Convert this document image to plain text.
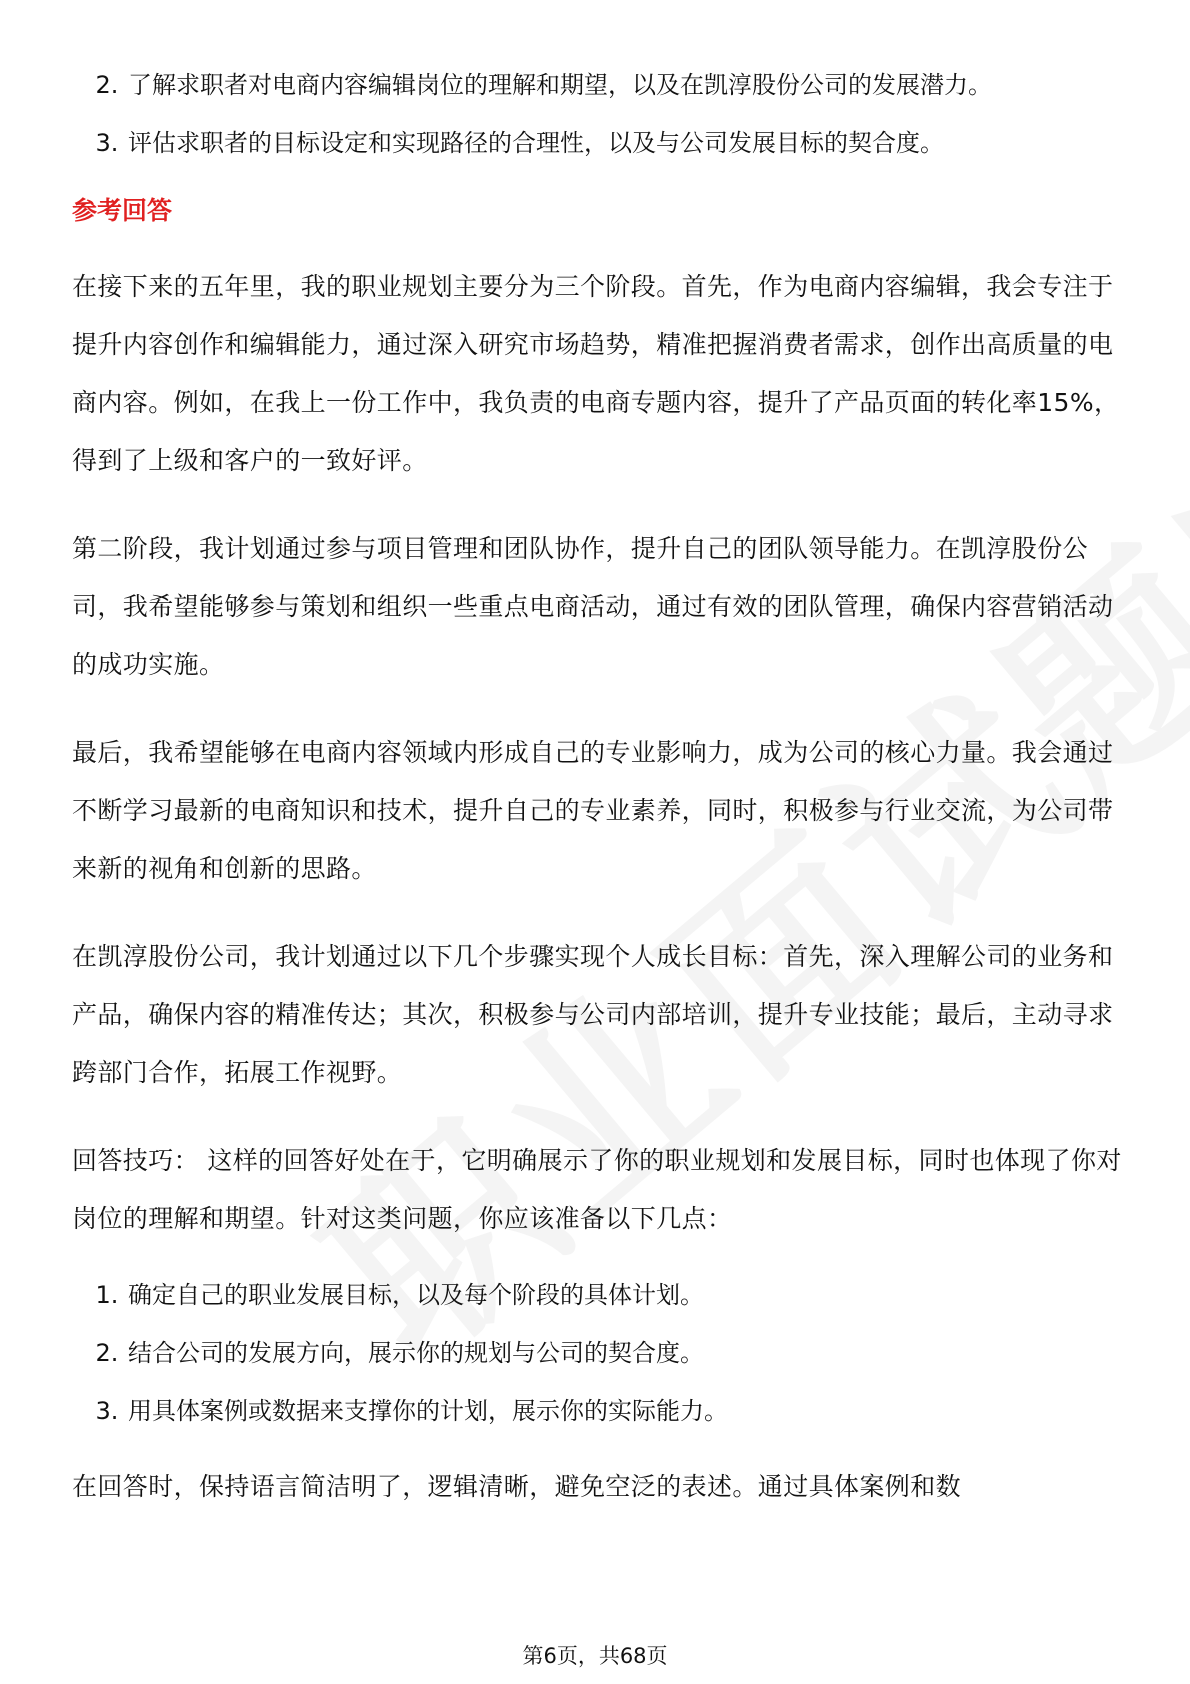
2. 了解求职者对电商内容编辑岗位的理解和期望，以及在凯淳股份公司的发展潜力。
3. 评估求职者的目标设定和实现路径的合理性，以及与公司发展目标的契合度。
参考回答

在接下来的五年里，我的职业规划主要分为三个阶段。首先，作为电商内容编辑，我会专注于提升内容创作和编辑能力，通过深入研究市场趋势，精准把握消费者需求，创作出高质量的电商内容。例如，在我上一份工作中，我负责的电商专题内容，提升了产品页面的转化率15%，得到了上级和客户的一致好评。

第二阶段，我计划通过参与项目管理和团队协作，提升自己的团队领导能力。在凯淳股份公司，我希望能够参与策划和组织一些重点电商活动，通过有效的团队管理，确保内容营销活动的成功实施。

最后，我希望能够在电商内容领域内形成自己的专业影响力，成为公司的核心力量。我会通过不断学习最新的电商知识和技术，提升自己的专业素养，同时，积极参与行业交流，为公司带来新的视角和创新的思路。

在凯淳股份公司，我计划通过以下几个步骤实现个人成长目标：首先，深入理解公司的业务和产品，确保内容的精准传达；其次，积极参与公司内部培训，提升专业技能；最后，主动寻求跨部门合作，拓展工作视野。

回答技巧： 这样的回答好处在于，它明确展示了你的职业规划和发展目标，同时也体现了你对岗位的理解和期望。针对这类问题，你应该准备以下几点：

1. 确定自己的职业发展目标，以及每个阶段的具体计划。
2. 结合公司的发展方向，展示你的规划与公司的契合度。
3. 用具体案例或数据来支撑你的计划，展示你的实际能力。

在回答时，保持语言简洁明了，逻辑清晰，避免空泛的表述。通过具体案例和数

第6页，共68页
